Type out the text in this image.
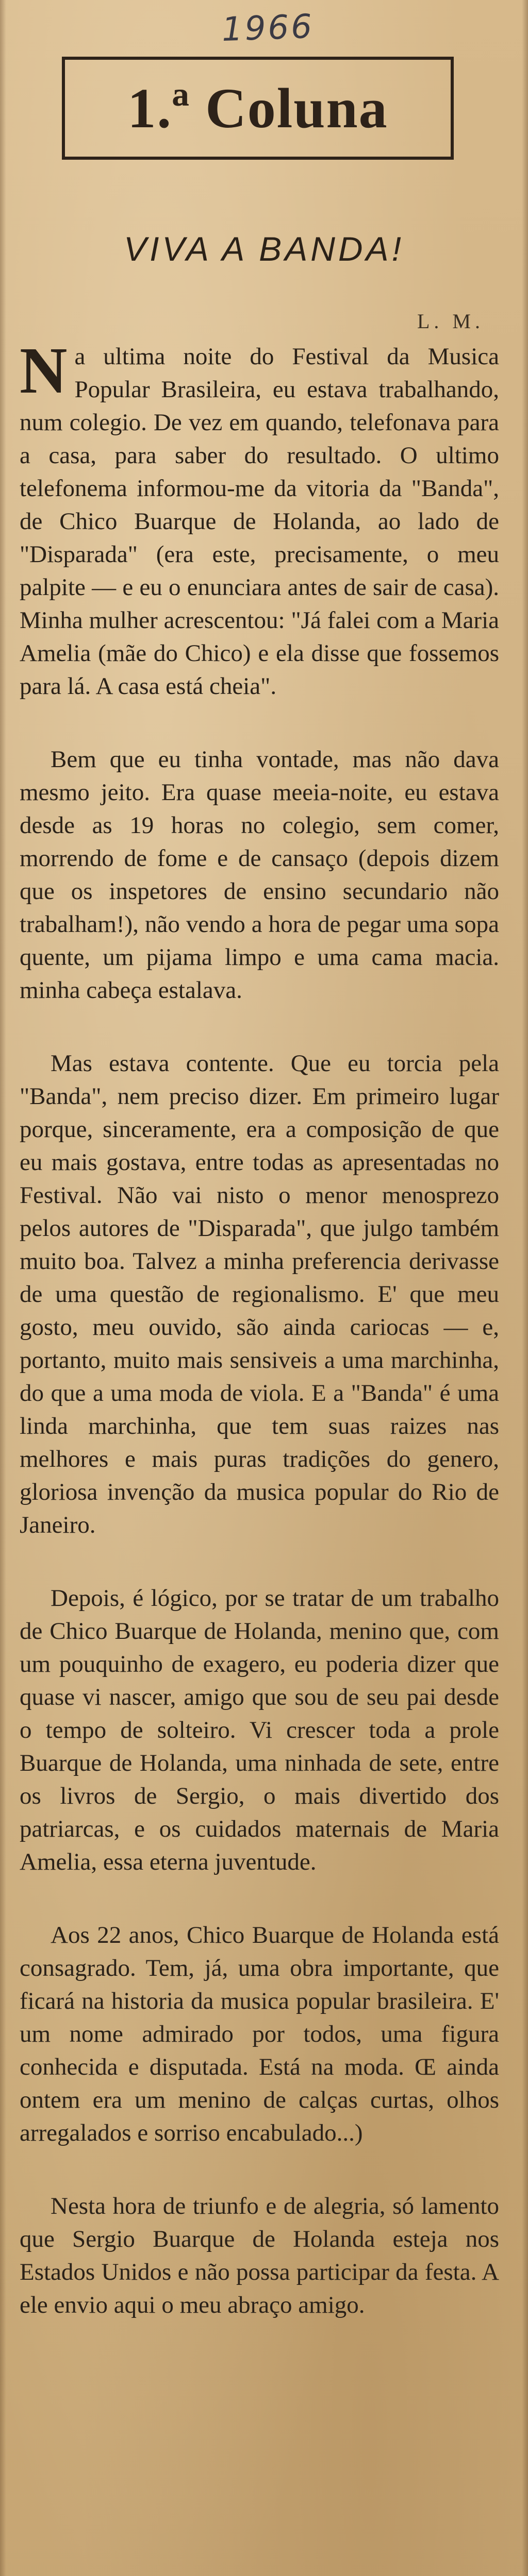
1966
1.ª Coluna
VIVA A BANDA!
L. M.

Na ultima noite do Festival da Musica Popular Brasileira, eu estava trabalhando, num colegio. De vez em quando, telefonava para a casa, para saber do resultado. O ultimo telefonema informou-me da vitoria da "Banda", de Chico Buarque de Holanda, ao lado de "Disparada" (era este, precisamente, o meu palpite — e eu o enunciara antes de sair de casa). Minha mulher acrescentou: "Já falei com a Maria Amelia (mãe do Chico) e ela disse que fossemos para lá. A casa está cheia".

Bem que eu tinha vontade, mas não dava mesmo jeito. Era quase meeia-noite, eu estava desde as 19 horas no colegio, sem comer, morrendo de fome e de cansaço (depois dizem que os inspetores de ensino secundario não trabalham!), não vendo a hora de pegar uma sopa quente, um pijama limpo e uma cama macia. minha cabeça estalava.

Mas estava contente. Que eu torcia pela "Banda", nem preciso dizer. Em primeiro lugar porque, sinceramente, era a composição de que eu mais gostava, entre todas as apresentadas no Festival. Não vai nisto o menor menosprezo pelos autores de "Disparada", que julgo também muito boa. Talvez a minha preferencia derivasse de uma questão de regionalismo. E' que meu gosto, meu ouvido, são ainda cariocas — e, portanto, muito mais sensiveis a uma marchinha, do que a uma moda de viola. E a "Banda" é uma linda marchinha, que tem suas raizes nas melhores e mais puras tradições do genero, gloriosa invenção da musica popular do Rio de Janeiro.

Depois, é lógico, por se tratar de um trabalho de Chico Buarque de Holanda, menino que, com um pouquinho de exagero, eu poderia dizer que quase vi nascer, amigo que sou de seu pai desde o tempo de solteiro. Vi crescer toda a prole Buarque de Holanda, uma ninhada de sete, entre os livros de Sergio, o mais divertido dos patriarcas, e os cuidados maternais de Maria Amelia, essa eterna juventude.

Aos 22 anos, Chico Buarque de Holanda está consagrado. Tem, já, uma obra importante, que ficará na historia da musica popular brasileira. E' um nome admirado por todos, uma figura conhecida e disputada. Está na moda. Œ ainda ontem era um menino de calças curtas, olhos arregalados e sorriso encabulado...)

Nesta hora de triunfo e de alegria, só lamento que Sergio Buarque de Holanda esteja nos Estados Unidos e não possa participar da festa. A ele envio aqui o meu abraço amigo.
